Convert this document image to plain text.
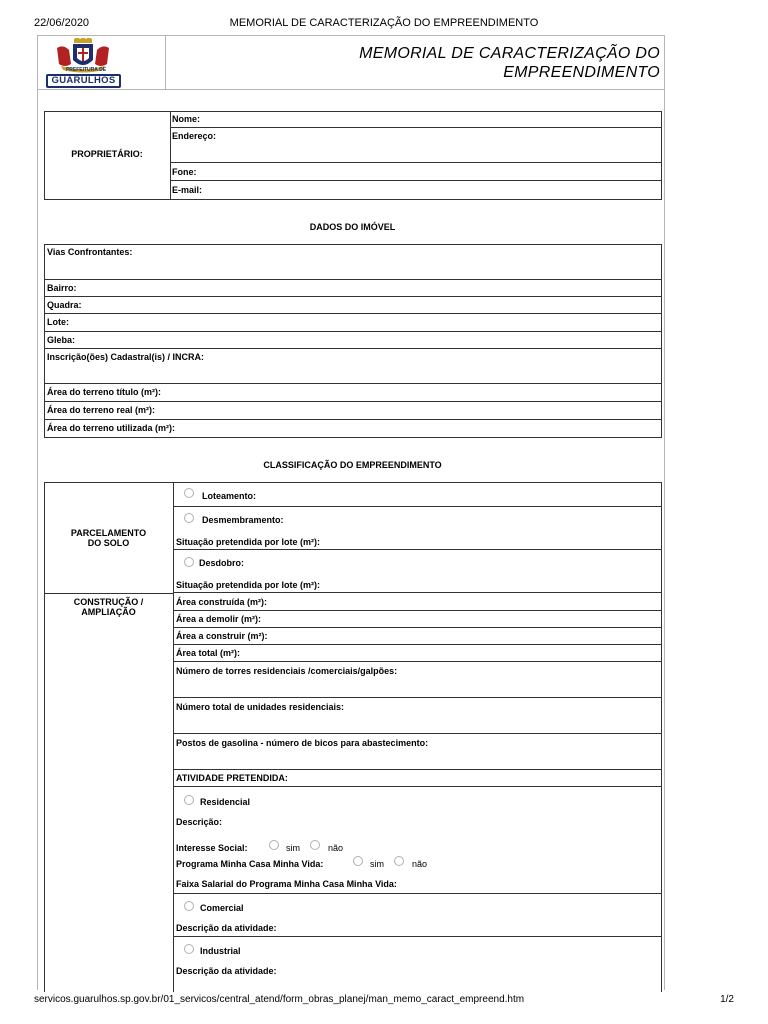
22/06/2020	MEMORIAL DE CARACTERIZAÇÃO DO EMPREENDIMENTO
PREFEITURA DE
GUARULHOS
MEMORIAL DE CARACTERIZAÇÃO DO
EMPREENDIMENTO
PROPRIETÁRIO:
Nome:
Endereço:
Fone:
E-mail:
DADOS DO IMÓVEL
Vias Confrontantes:
Bairro:
Quadra:
Lote:
Gleba:
Inscrição(ões) Cadastral(is) / INCRA:
Área do terreno título (m²):
Área do terreno real (m²):
Área do terreno utilizada (m²):
CLASSIFICAÇÃO DO EMPREENDIMENTO
PARCELAMENTO
DO SOLO
Loteamento:
Desmembramento:
Situação pretendida por lote (m²):
Desdobro:
Situação pretendida por lote (m²):
CONSTRUÇÃO /
AMPLIAÇÃO
Área construída (m²):
Área a demolir (m²):
Área a construir (m²):
Área total (m²):
Número de torres residenciais /comerciais/galpões:
Número total de unidades residenciais:
Postos de gasolina - número de bicos para abastecimento:
ATIVIDADE PRETENDIDA:
Residencial
Descrição:
Interesse Social:	sim	não
Programa Minha Casa Minha Vida:	sim	não
Faixa Salarial do Programa Minha Casa Minha Vida:
Comercial
Descrição da atividade:
Industrial
Descrição da atividade:
servicos.guarulhos.sp.gov.br/01_servicos/central_atend/form_obras_planej/man_memo_caract_empreend.htm	1/2
